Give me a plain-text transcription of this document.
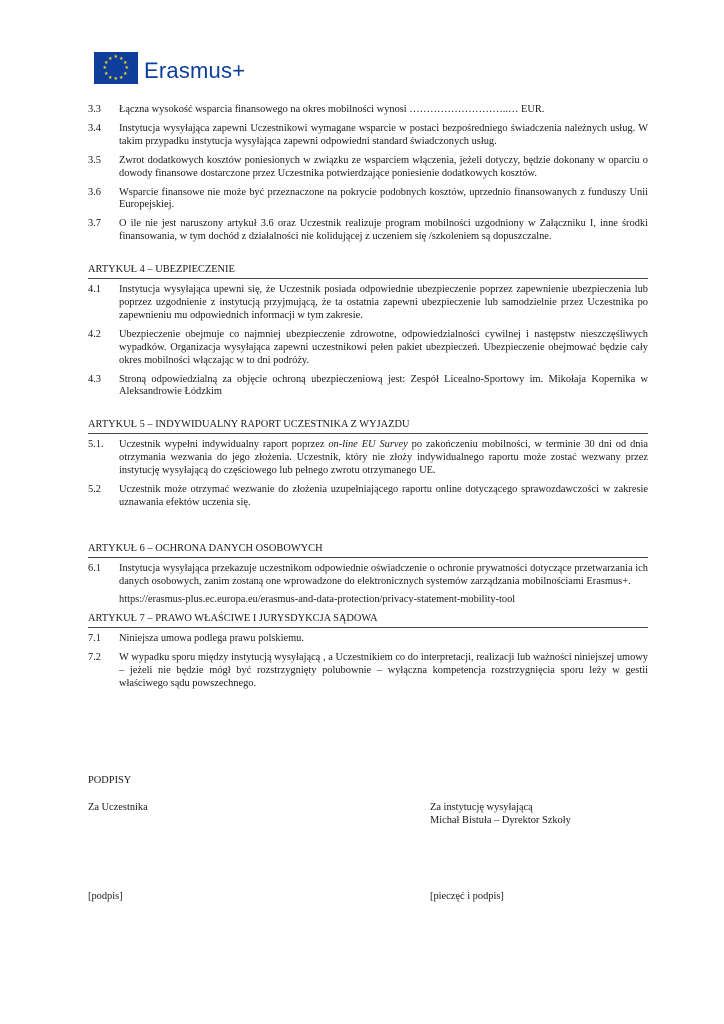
★ ★
★
★
★
★
★
★
★
★
★
★ Erasmus+
3.3	Łączna wysokość wsparcia finansowego na okres mobilności wynosi ………………………..… EUR.
3.4	Instytucja wysyłająca zapewni Uczestnikowi wymagane wsparcie w postaci bezpośredniego świadczenia należnych usług. W takim przypadku instytucja wysyłająca zapewni odpowiedni standard świadczonych usług.
3.5	Zwrot dodatkowych kosztów poniesionych w związku ze wsparciem włączenia, jeżeli dotyczy, będzie dokonany w oparciu o dowody finansowe dostarczone przez Uczestnika potwierdzające poniesienie dodatkowych kosztów.
3.6	Wsparcie finansowe nie może być przeznaczone na pokrycie podobnych kosztów, uprzednio finansowanych z funduszy Unii Europejskiej.
3.7	O ile nie jest naruszony artykuł 3.6 oraz Uczestnik realizuje program mobilności uzgodniony w Załączniku I, inne środki finansowania, w tym dochód z działalności nie kolidującej z uczeniem się /szkoleniem są dopuszczalne.
ARTYKUŁ 4 – UBEZPIECZENIE
4.1	Instytucja wysyłająca upewni się, że Uczestnik posiada odpowiednie ubezpieczenie poprzez zapewnienie ubezpieczenia lub poprzez uzgodnienie z instytucją przyjmującą, że ta ostatnia zapewni ubezpieczenie lub samodzielnie przez Uczestnika po zapewnieniu mu odpowiednich informacji w tym zakresie.
4.2	Ubezpieczenie obejmuje co najmniej ubezpieczenie zdrowotne, odpowiedzialności cywilnej i następstw nieszczęśliwych wypadków. Organizacja wysyłająca zapewni uczestnikowi pełen pakiet ubezpieczeń. Ubezpieczenie obejmować będzie cały okres mobilności włączając w to dni podróży.
4.3	Stroną odpowiedzialną za objęcie ochroną ubezpieczeniową jest: Zespół Licealno-Sportowy im. Mikołaja Kopernika w Aleksandrowie Łódzkim
ARTYKUŁ 5 – INDYWIDUALNY RAPORT UCZESTNIKA Z WYJAZDU
5.1.	Uczestnik wypełni indywidualny raport poprzez on-line EU Survey po zakończeniu mobilności, w terminie 30 dni od dnia otrzymania wezwania do jego złożenia. Uczestnik, który nie złoży indywidualnego raportu może zostać wezwany przez instytucję wysyłającą do częściowego lub pełnego zwrotu otrzymanego UE.
5.2	Uczestnik może otrzymać wezwanie do złożenia uzupełniającego raportu online dotyczącego sprawozdawczości w zakresie uznawania efektów uczenia się.
ARTYKUŁ 6 – OCHRONA DANYCH OSOBOWYCH
6.1	Instytucja wysyłająca przekazuje uczestnikom odpowiednie oświadczenie o ochronie prywatności dotyczące przetwarzania ich danych osobowych, zanim zostaną one wprowadzone do elektronicznych systemów zarządzania mobilnościami Erasmus+.
https://erasmus-plus.ec.europa.eu/erasmus-and-data-protection/privacy-statement-mobility-tool
ARTYKUŁ 7 – PRAWO WŁAŚCIWE I JURYSDYKCJA SĄDOWA
7.1	Niniejsza umowa podlega prawu polskiemu.
7.2	W wypadku sporu między instytucją wysyłającą , a Uczestnikiem co do interpretacji, realizacji lub ważności niniejszej umowy – jeżeli nie będzie mógł być rozstrzygnięty polubownie – wyłączna kompetencja rozstrzygnięcia sporu leży w gestii właściwego sądu powszechnego.
PODPISY
Za Uczestnika	Za instytucję wysyłającą
Michał Bistuła – Dyrektor Szkoły
[podpis]	[pieczęć i podpis]
